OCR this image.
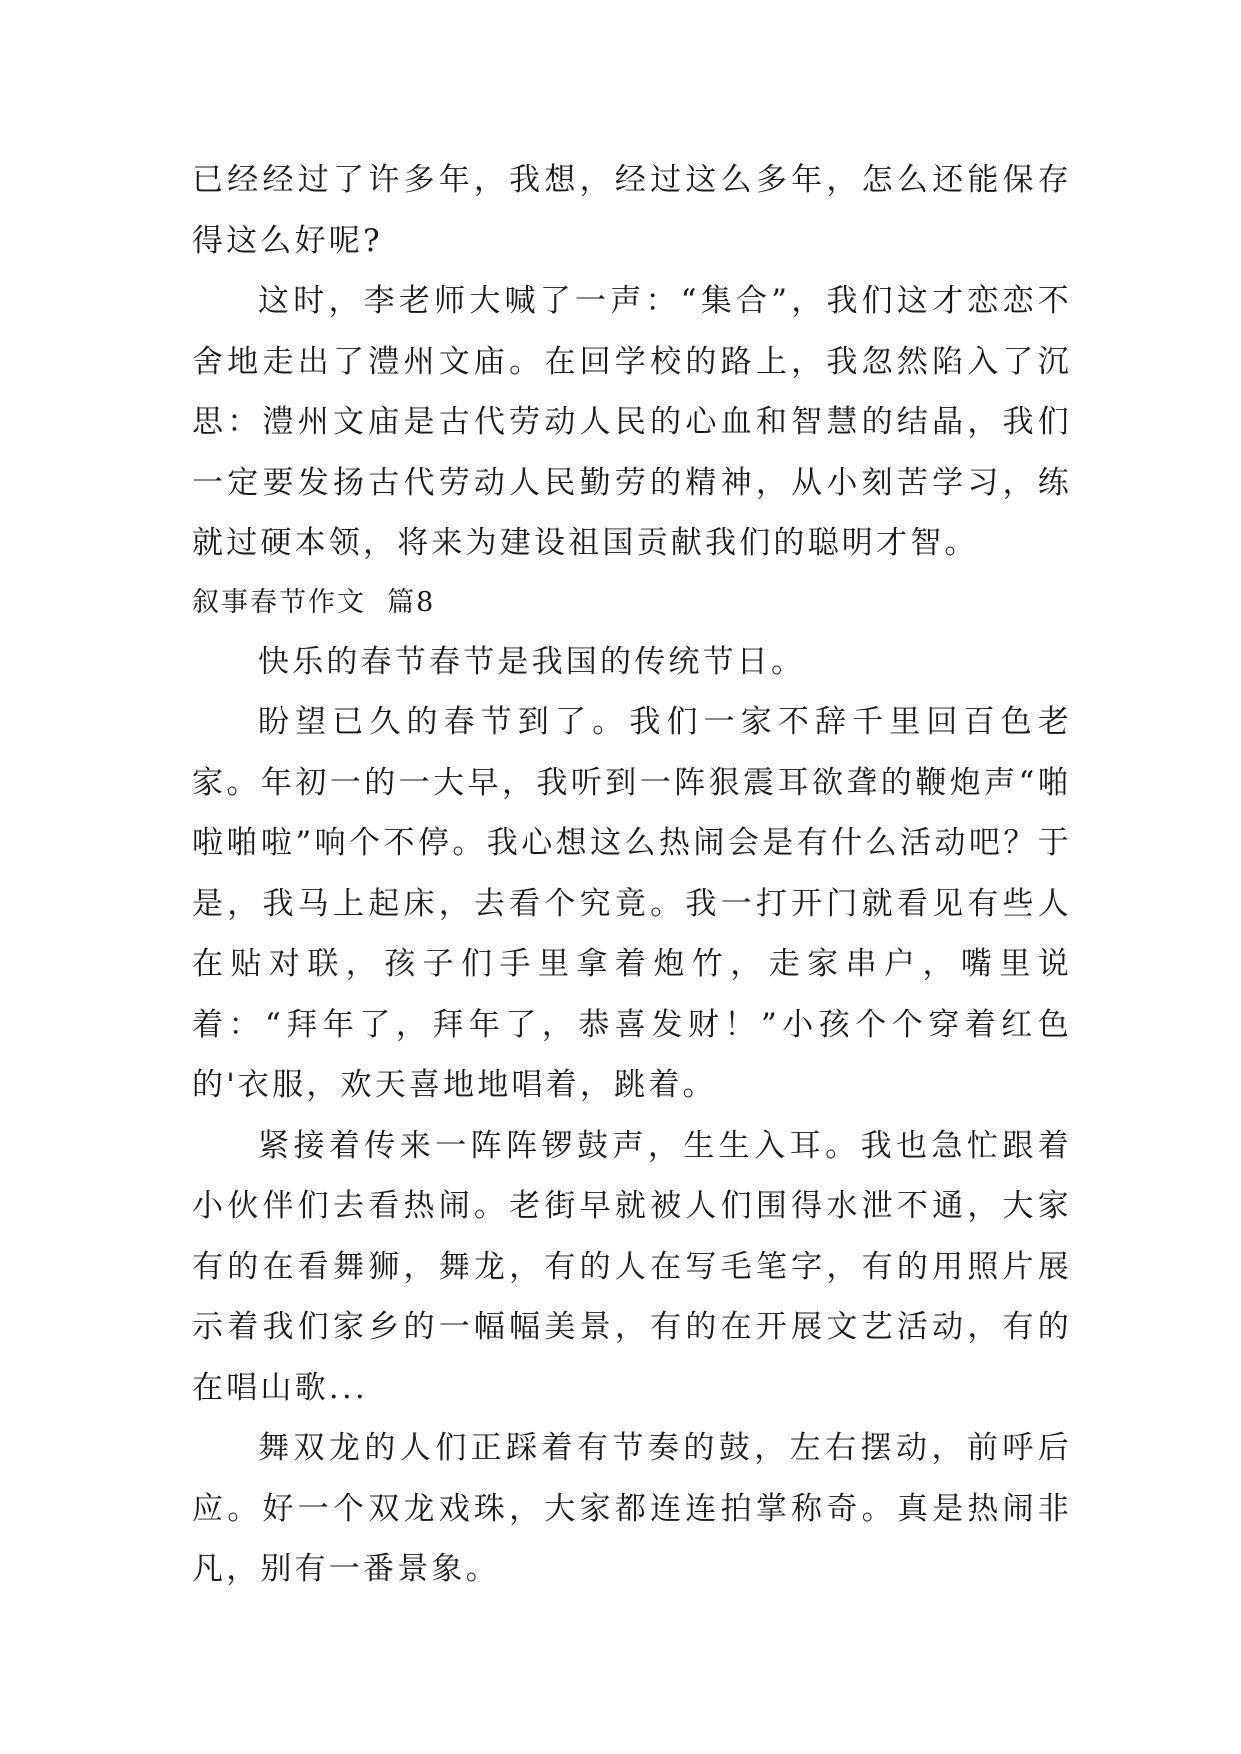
已经经过了许多年，我想，经过这么多年，怎么还能保存得这么好呢?

这时，李老师大喊了一声：“集合”，我们这才恋恋不舍地走出了澧州文庙。在回学校的路上，我忽然陷入了沉思：澧州文庙是古代劳动人民的心血和智慧的结晶，我们一定要发扬古代劳动人民勤劳的精神，从小刻苦学习，练就过硬本领，将来为建设祖国贡献我们的聪明才智。

叙事春节作文  篇8

快乐的春节春节是我国的传统节日。

盼望已久的春节到了。我们一家不辞千里回百色老家。年初一的一大早，我听到一阵狠震耳欲聋的鞭炮声“啪啦啪啦”响个不停。我心想这么热闹会是有什么活动吧？于是，我马上起床，去看个究竟。我一打开门就看见有些人在贴对联，孩子们手里拿着炮竹，走家串户，嘴里说着：“拜年了，拜年了，恭喜发财！”小孩个个穿着红色的'衣服，欢天喜地地唱着，跳着。

紧接着传来一阵阵锣鼓声，生生入耳。我也急忙跟着小伙伴们去看热闹。老街早就被人们围得水泄不通，大家有的在看舞狮，舞龙，有的人在写毛笔字，有的用照片展示着我们家乡的一幅幅美景，有的在开展文艺活动，有的在唱山歌...

舞双龙的人们正踩着有节奏的鼓，左右摆动，前呼后应。好一个双龙戏珠，大家都连连拍掌称奇。真是热闹非凡，别有一番景象。
